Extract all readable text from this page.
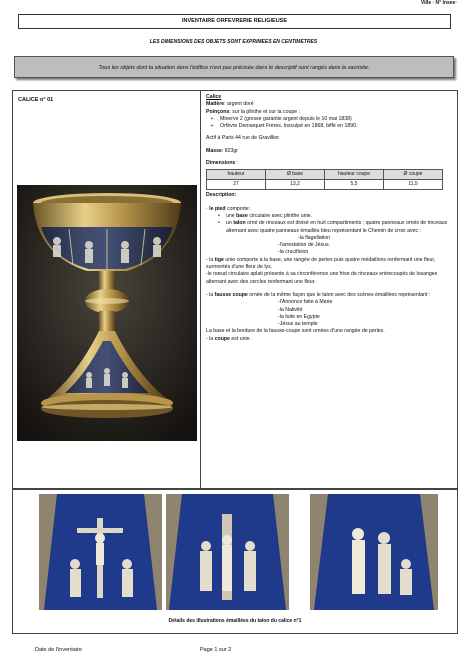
Ville · N° Insee·
INVENTAIRE ORFEVRERIE RELIGIEUSE
LES DIMENSIONS DES OBJETS SONT EXPRIMEES EN CENTIMETRES
Tous les objets dont la situation dans l'édifice n'est pas précisée dans le descriptif sont rangés dans la sacristie.
CALICE n° 01	Calice

Matière: argent doré

Poinçons: sur la plinthe et sur la coupe :

➢ Minerve 2 (grosse garantie argent depuis le 10 mai 1838)

➢ Orfèvre Demarquet Frères. Insculpé en 1868, biffé en 1890.

Actif à Paris 44 rue de Gravillier.

Masse: 823gr

Dimensions :

hauteur	Ø base	hauteur coupe	Ø coupe
27	13,2	5,5	11,5

Description:

· le pied comporte:

• une base circulaire avec plinthe unie.

• un talon orné de rinceaux est divisé en huit compartiments ; quatre panneaux ornés de rinceaux alternant avec quatre panneaux émaillés bleu représentant le Chemin de croix avec :

-la flagellation

-l'arrestation de Jésus.

-la crucifixion

- la tige unie comporte à la base, une rangée de perles puis quatre médaillons renfermant une fleur, surmontés d'une fleur de lys.

-le nœud circulaire aplati présente à sa circonférence une frise de rinceaux entrecoupés de losanges alternant avec des cercles renfermant une fleur.

- la fausse coupe ornée de la même façon que le talon avec des scènes émaillées représentant :

-l'Annonce faite à Marie

-la Nativité

-la fuite en Egypte

-Jésus au temple

La base et la bordure de la fausse-coupe sont ornées d'une rangée de perles.

- la coupe est unie.

Détails des illustrations émaillées du talon du calice n°1
Date de l'inventaire	Page 1 sur 2
